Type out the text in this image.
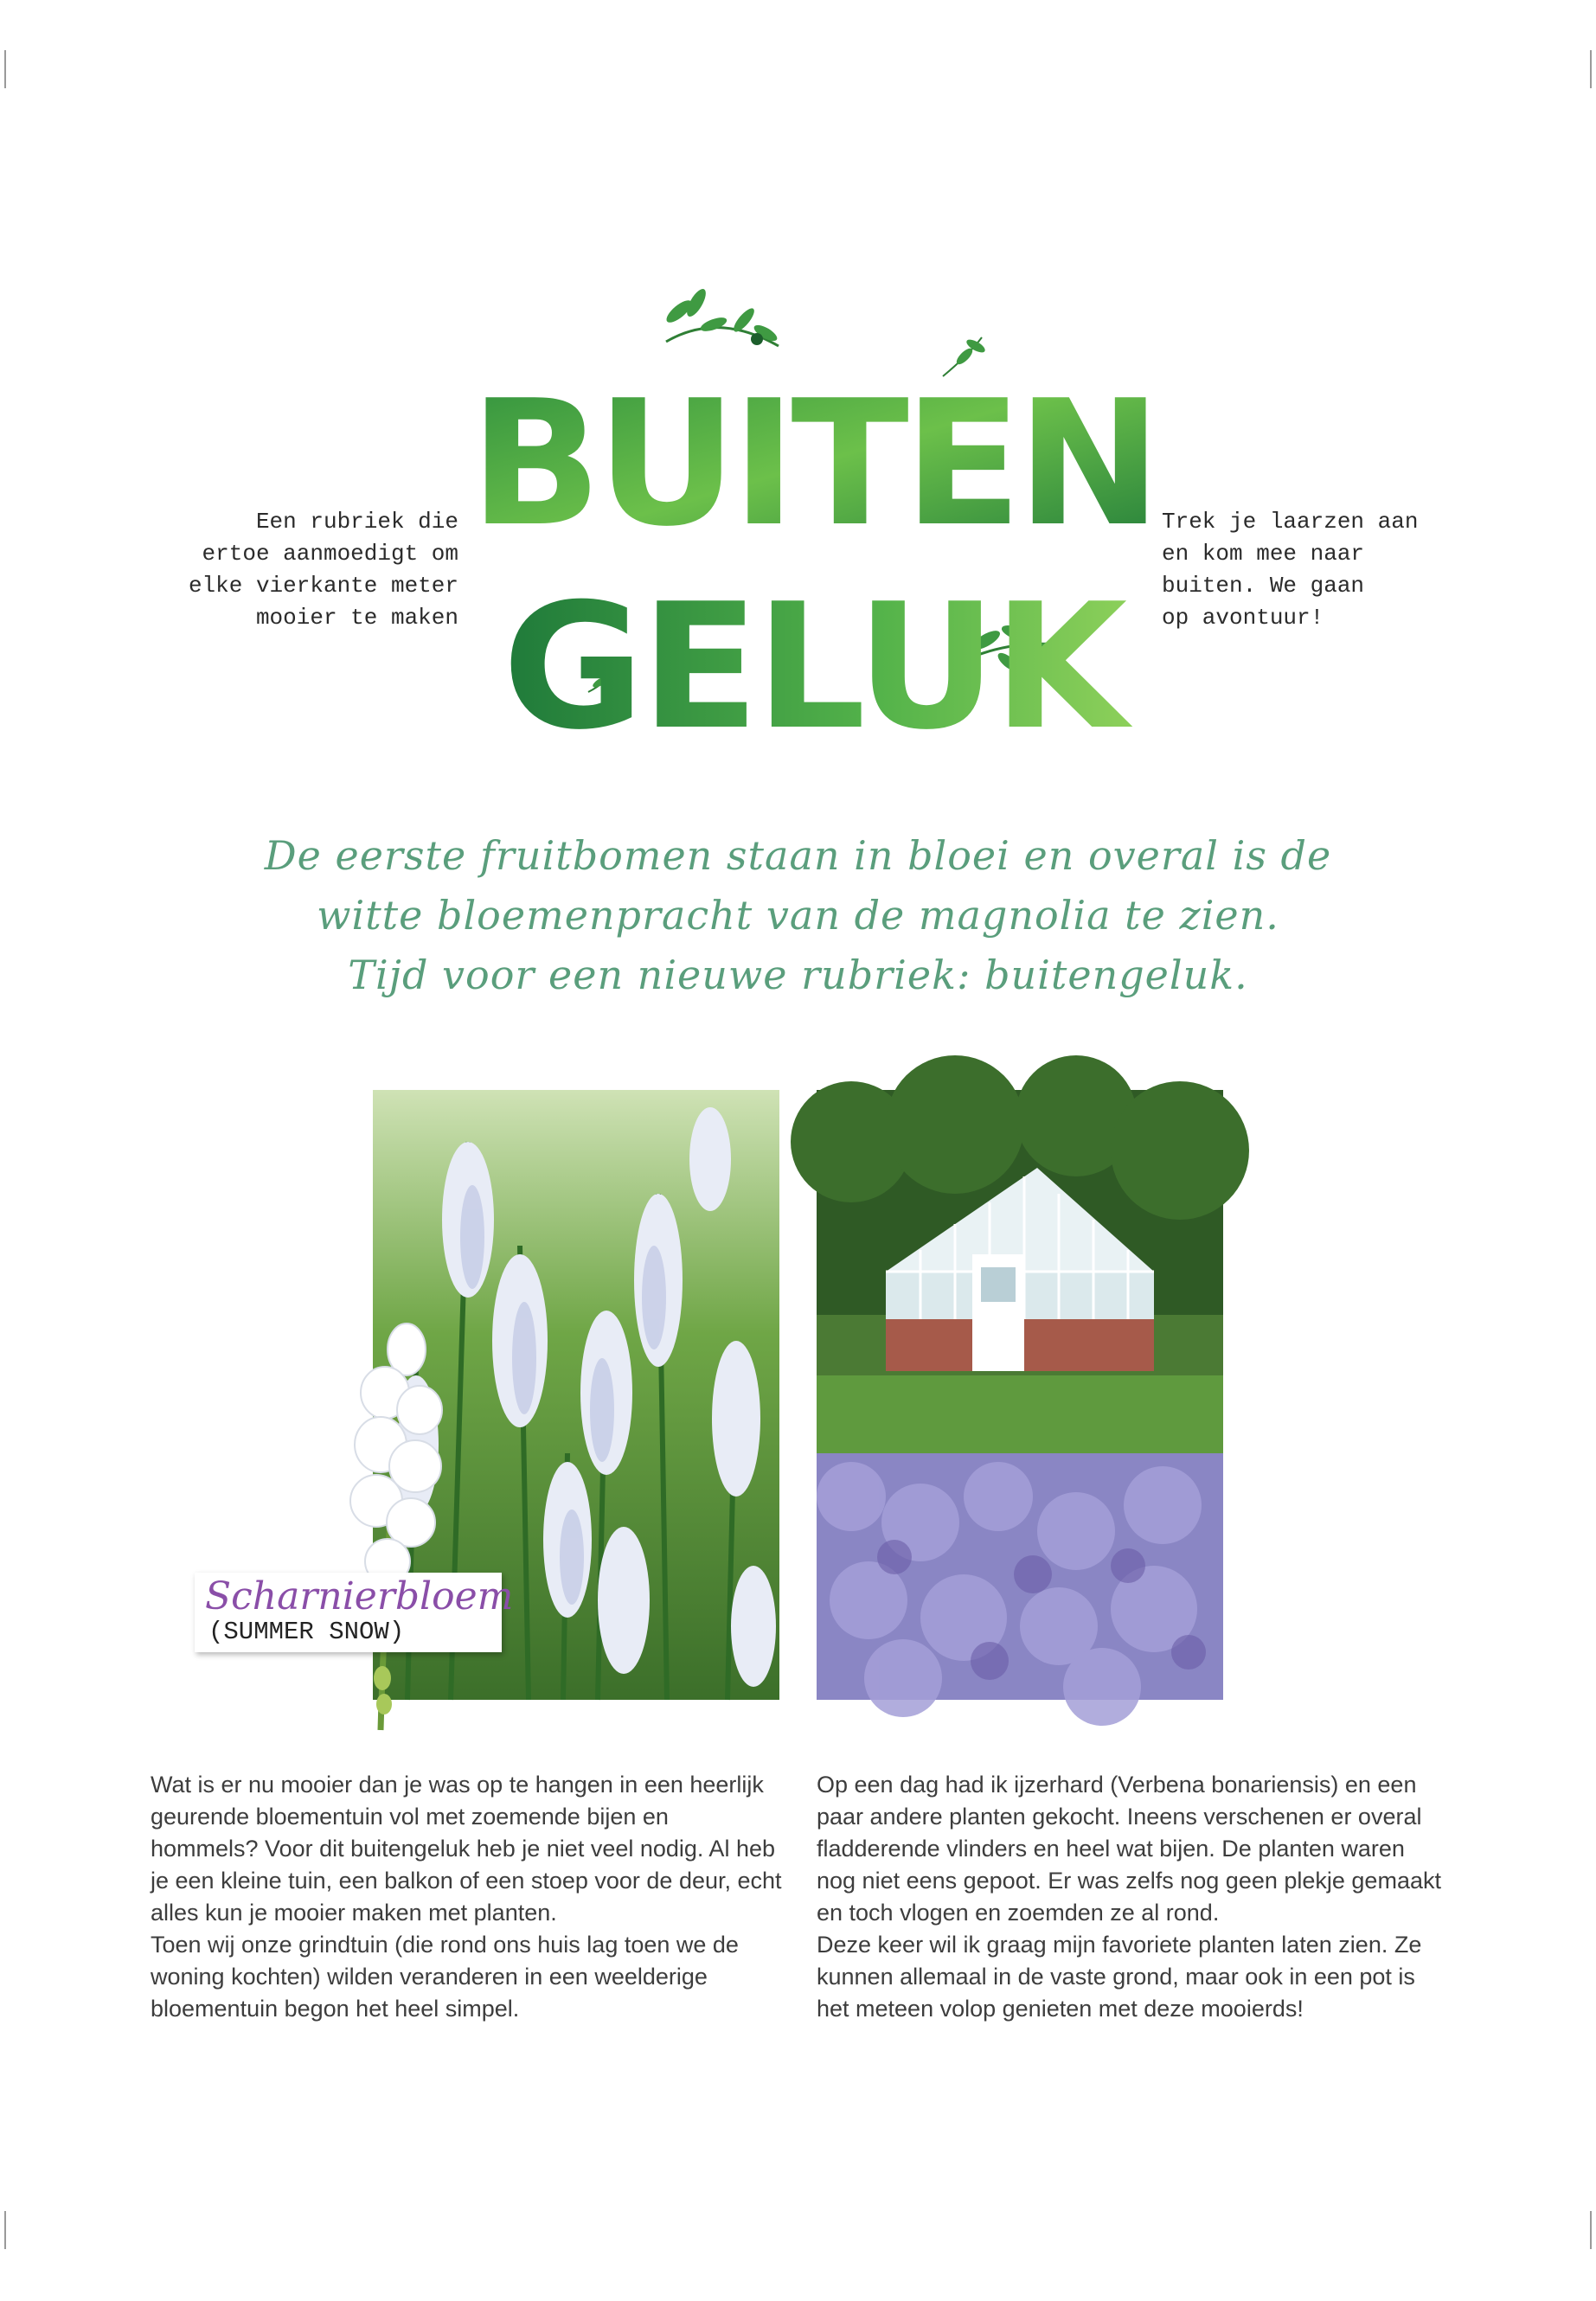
Een rubriek die
ertoe aanmoedigt om
elke vierkante meter
mooier te maken

Trek je laarzen aan
en kom mee naar
buiten. We gaan
op avontuur!

BUITEN
GELUK

De eerste fruitbomen staan in bloei en overal is de
witte bloemenpracht van de magnolia te zien.
Tijd voor een nieuwe rubriek: buitengeluk.

Scharnierbloem

(SUMMER SNOW)

Wat is er nu mooier dan je was op te hangen in een heerlijk geurende bloementuin vol met zoemende bijen en hommels? Voor dit buitengeluk heb je niet veel nodig. Al heb je een kleine tuin, een balkon of een stoep voor de deur, echt alles kun je mooier maken met planten.

Toen wij onze grindtuin (die rond ons huis lag toen we de woning kochten) wilden veranderen in een weelderige bloementuin begon het heel simpel.

Op een dag had ik ijzerhard (Verbena bonariensis) en een paar andere planten gekocht. Ineens verschenen er overal fladderende vlinders en heel wat bijen. De planten waren nog niet eens gepoot. Er was zelfs nog geen plekje gemaakt en toch vlogen en zoemden ze al rond.

Deze keer wil ik graag mijn favoriete planten laten zien. Ze kunnen allemaal in de vaste grond, maar ook in een pot is het meteen volop genieten met deze mooierds!
